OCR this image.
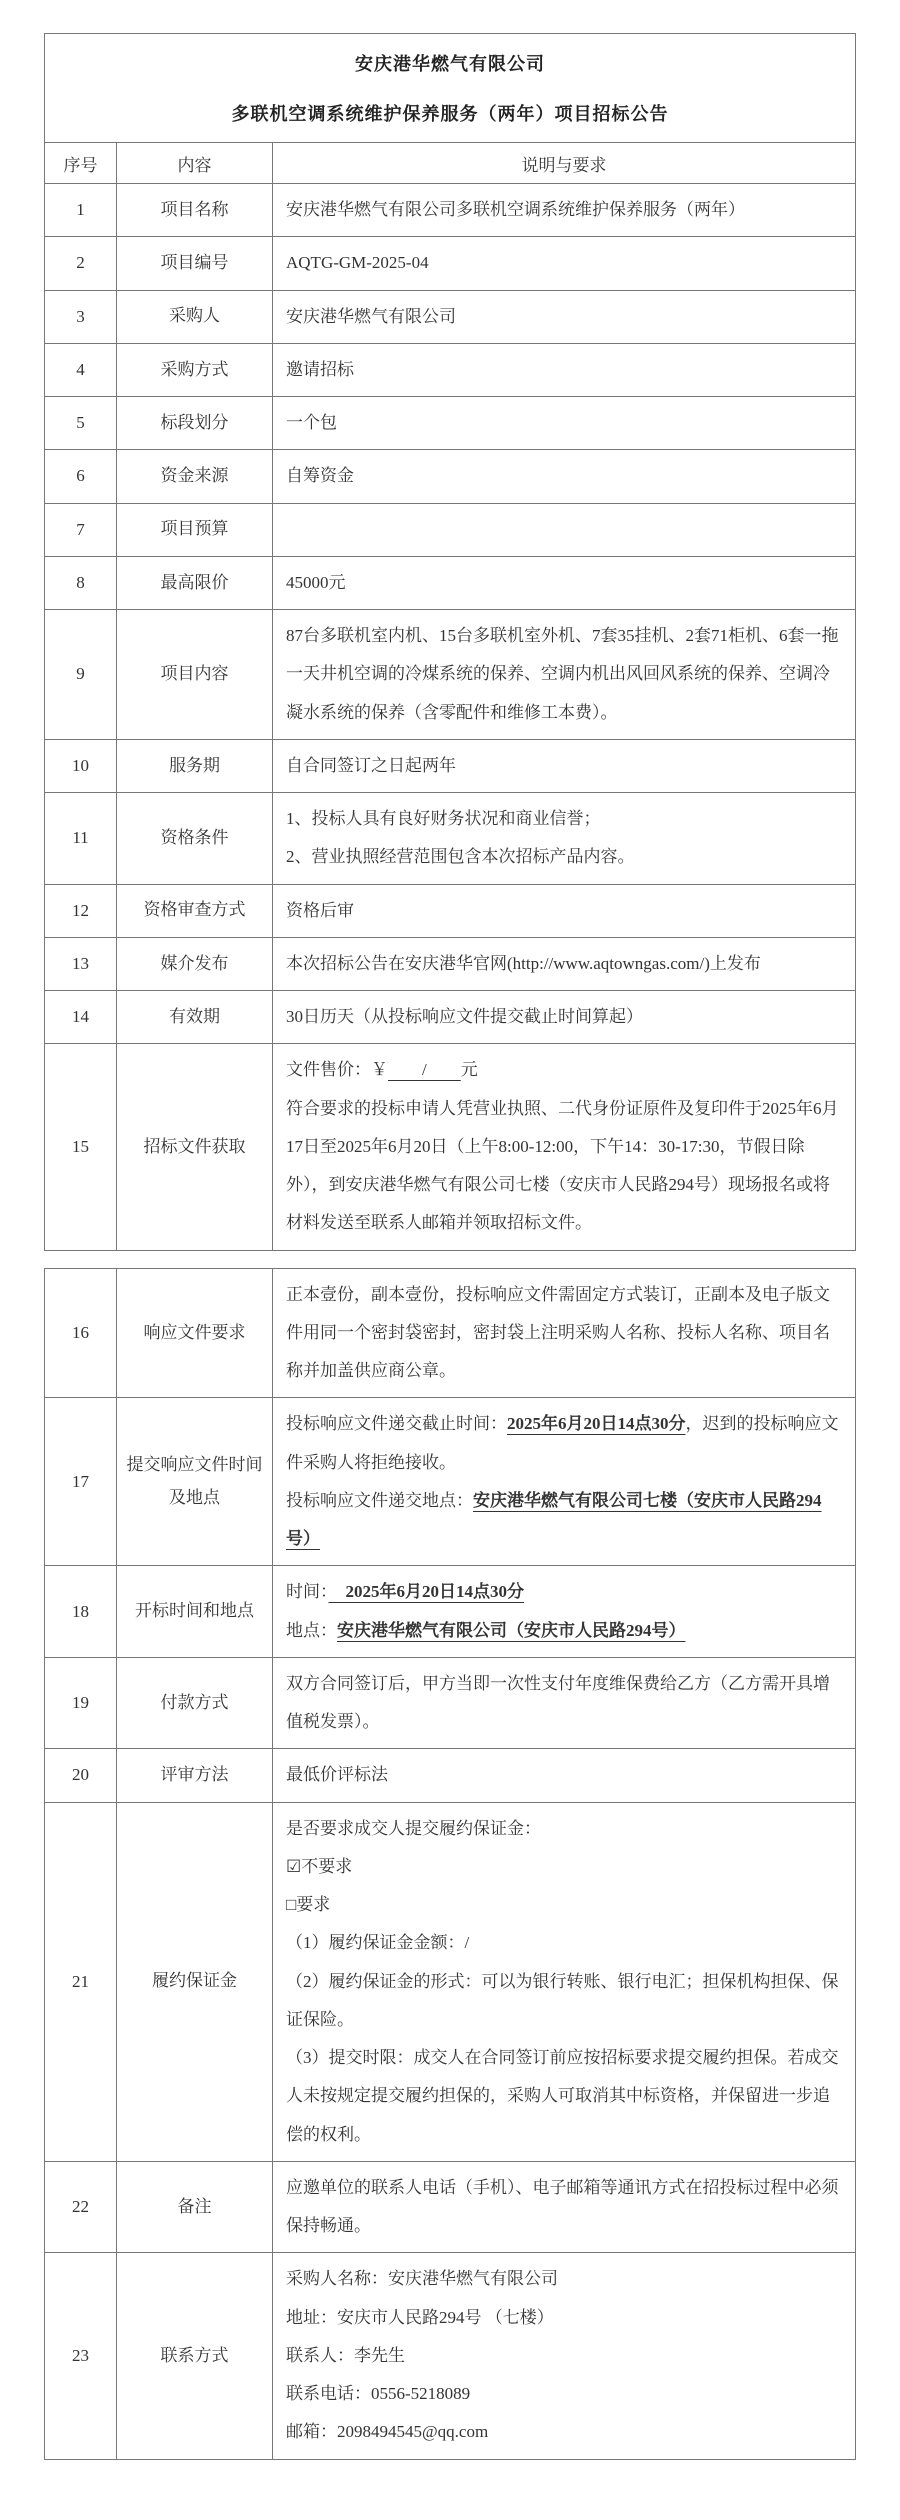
安庆港华燃气有限公司
多联机空调系统维护保养服务（两年）项目招标公告		

序号	内容	说明与要求
1	项目名称	安庆港华燃气有限公司多联机空调系统维护保养服务（两年）

2	项目编号	AQTG-GM-2025-04

3	采购人	安庆港华燃气有限公司

4	采购方式	邀请招标

5	标段划分	一个包

6	资金来源	自筹资金

7	项目预算	

8	最高限价	45000元

9	项目内容	87台多联机室内机、15台多联机室外机、7套35挂机、2套71柜机、6套一拖一天井机空调的冷煤系统的保养、空调内机出风回风系统的保养、空调冷凝水系统的保养（含零配件和维修工本费）。

10	服务期	自合同签订之日起两年

11	资格条件	1、投标人具有良好财务状况和商业信誉；
2、营业执照经营范围包含本次招标产品内容。

12	资格审查方式	资格后审

13	媒介发布	本次招标公告在安庆港华官网(http://www.aqtowngas.com/)上发布

14	有效期	30日历天（从投标响应文件提交截止时间算起）

15	招标文件获取	文件售价：￥　　/　　元
符合要求的投标申请人凭营业执照、二代身份证原件及复印件于2025年6月17日至2025年6月20日（上午8:00-12:00，下午14：30-17:30，节假日除外），到安庆港华燃气有限公司七楼（安庆市人民路294号）现场报名或将材料发送至联系人邮箱并领取招标文件。
16	响应文件要求	正本壹份，副本壹份，投标响应文件需固定方式装订，正副本及电子版文件用同一个密封袋密封，密封袋上注明采购人名称、投标人名称、项目名称并加盖供应商公章。

17	提交响应文件时间及地点	投标响应文件递交截止时间：2025年6月20日14点30分，迟到的投标响应文件采购人将拒绝接收。
投标响应文件递交地点：安庆港华燃气有限公司七楼（安庆市人民路294号）

18	开标时间和地点	时间：　2025年6月20日14点30分
地点：安庆港华燃气有限公司（安庆市人民路294号）

19	付款方式	双方合同签订后，甲方当即一次性支付年度维保费给乙方（乙方需开具增值税发票）。

20	评审方法	最低价评标法

21	履约保证金	
是否要求成交人提交履约保证金：
☑不要求
□要求
（1）履约保证金金额：/
（2）履约保证金的形式：可以为银行转账、银行电汇；担保机构担保、保证保险。
（3）提交时限：成交人在合同签订前应按招标要求提交履约担保。若成交人未按规定提交履约担保的，采购人可取消其中标资格，并保留进一步追偿的权利。

22	备注	应邀单位的联系人电话（手机）、电子邮箱等通讯方式在招投标过程中必须保持畅通。

23	联系方式	采购人名称：安庆港华燃气有限公司
地址：安庆市人民路294号 （七楼）
联系人：李先生
联系电话：0556-5218089
邮箱：2098494545@qq.com
